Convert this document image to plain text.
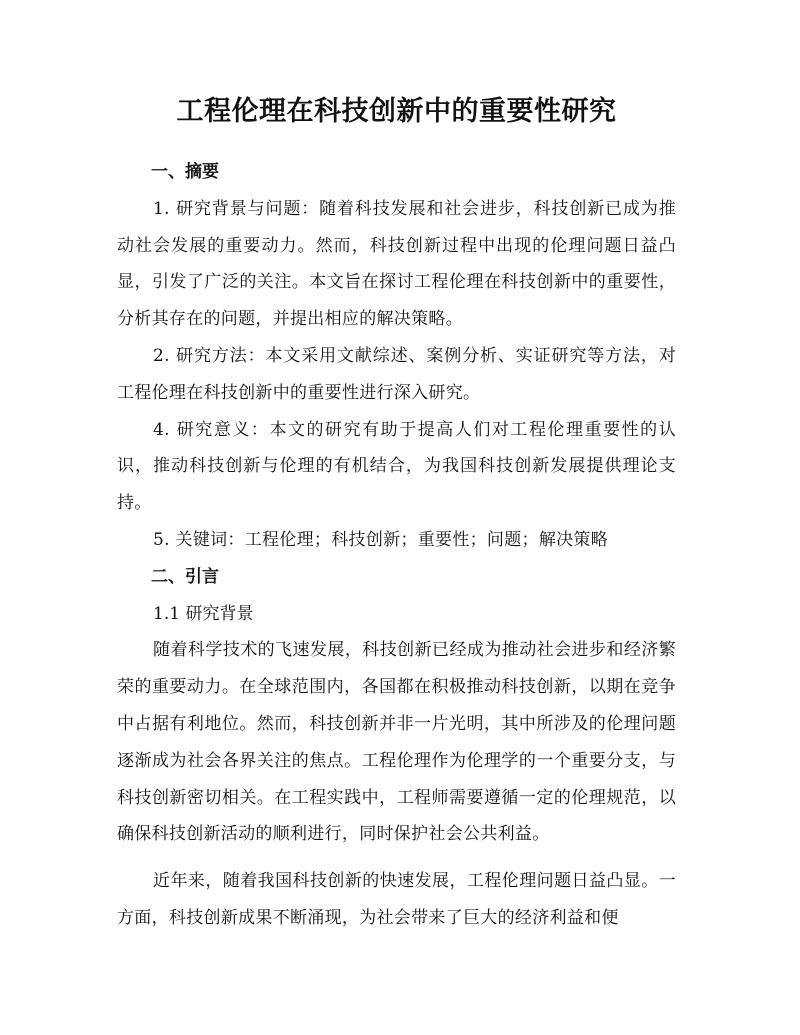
工程伦理在科技创新中的重要性研究
一、摘要

1. 研究背景与问题：随着科技发展和社会进步，科技创新已成为推动社会发展的重要动力。然而，科技创新过程中出现的伦理问题日益凸显，引发了广泛的关注。本文旨在探讨工程伦理在科技创新中的重要性，分析其存在的问题，并提出相应的解决策略。

2. 研究方法：本文采用文献综述、案例分析、实证研究等方法，对工程伦理在科技创新中的重要性进行深入研究。

4. 研究意义：本文的研究有助于提高人们对工程伦理重要性的认识，推动科技创新与伦理的有机结合，为我国科技创新发展提供理论支持。

5. 关键词：工程伦理；科技创新；重要性；问题；解决策略

二、引言

1.1 研究背景

随着科学技术的飞速发展，科技创新已经成为推动社会进步和经济繁荣的重要动力。在全球范围内，各国都在积极推动科技创新，以期在竞争中占据有利地位。然而，科技创新并非一片光明，其中所涉及的伦理问题逐渐成为社会各界关注的焦点。工程伦理作为伦理学的一个重要分支，与科技创新密切相关。在工程实践中，工程师需要遵循一定的伦理规范，以确保科技创新活动的顺利进行，同时保护社会公共利益。

近年来，随着我国科技创新的快速发展，工程伦理问题日益凸显。一方面，科技创新成果不断涌现，为社会带来了巨大的经济利益和便
